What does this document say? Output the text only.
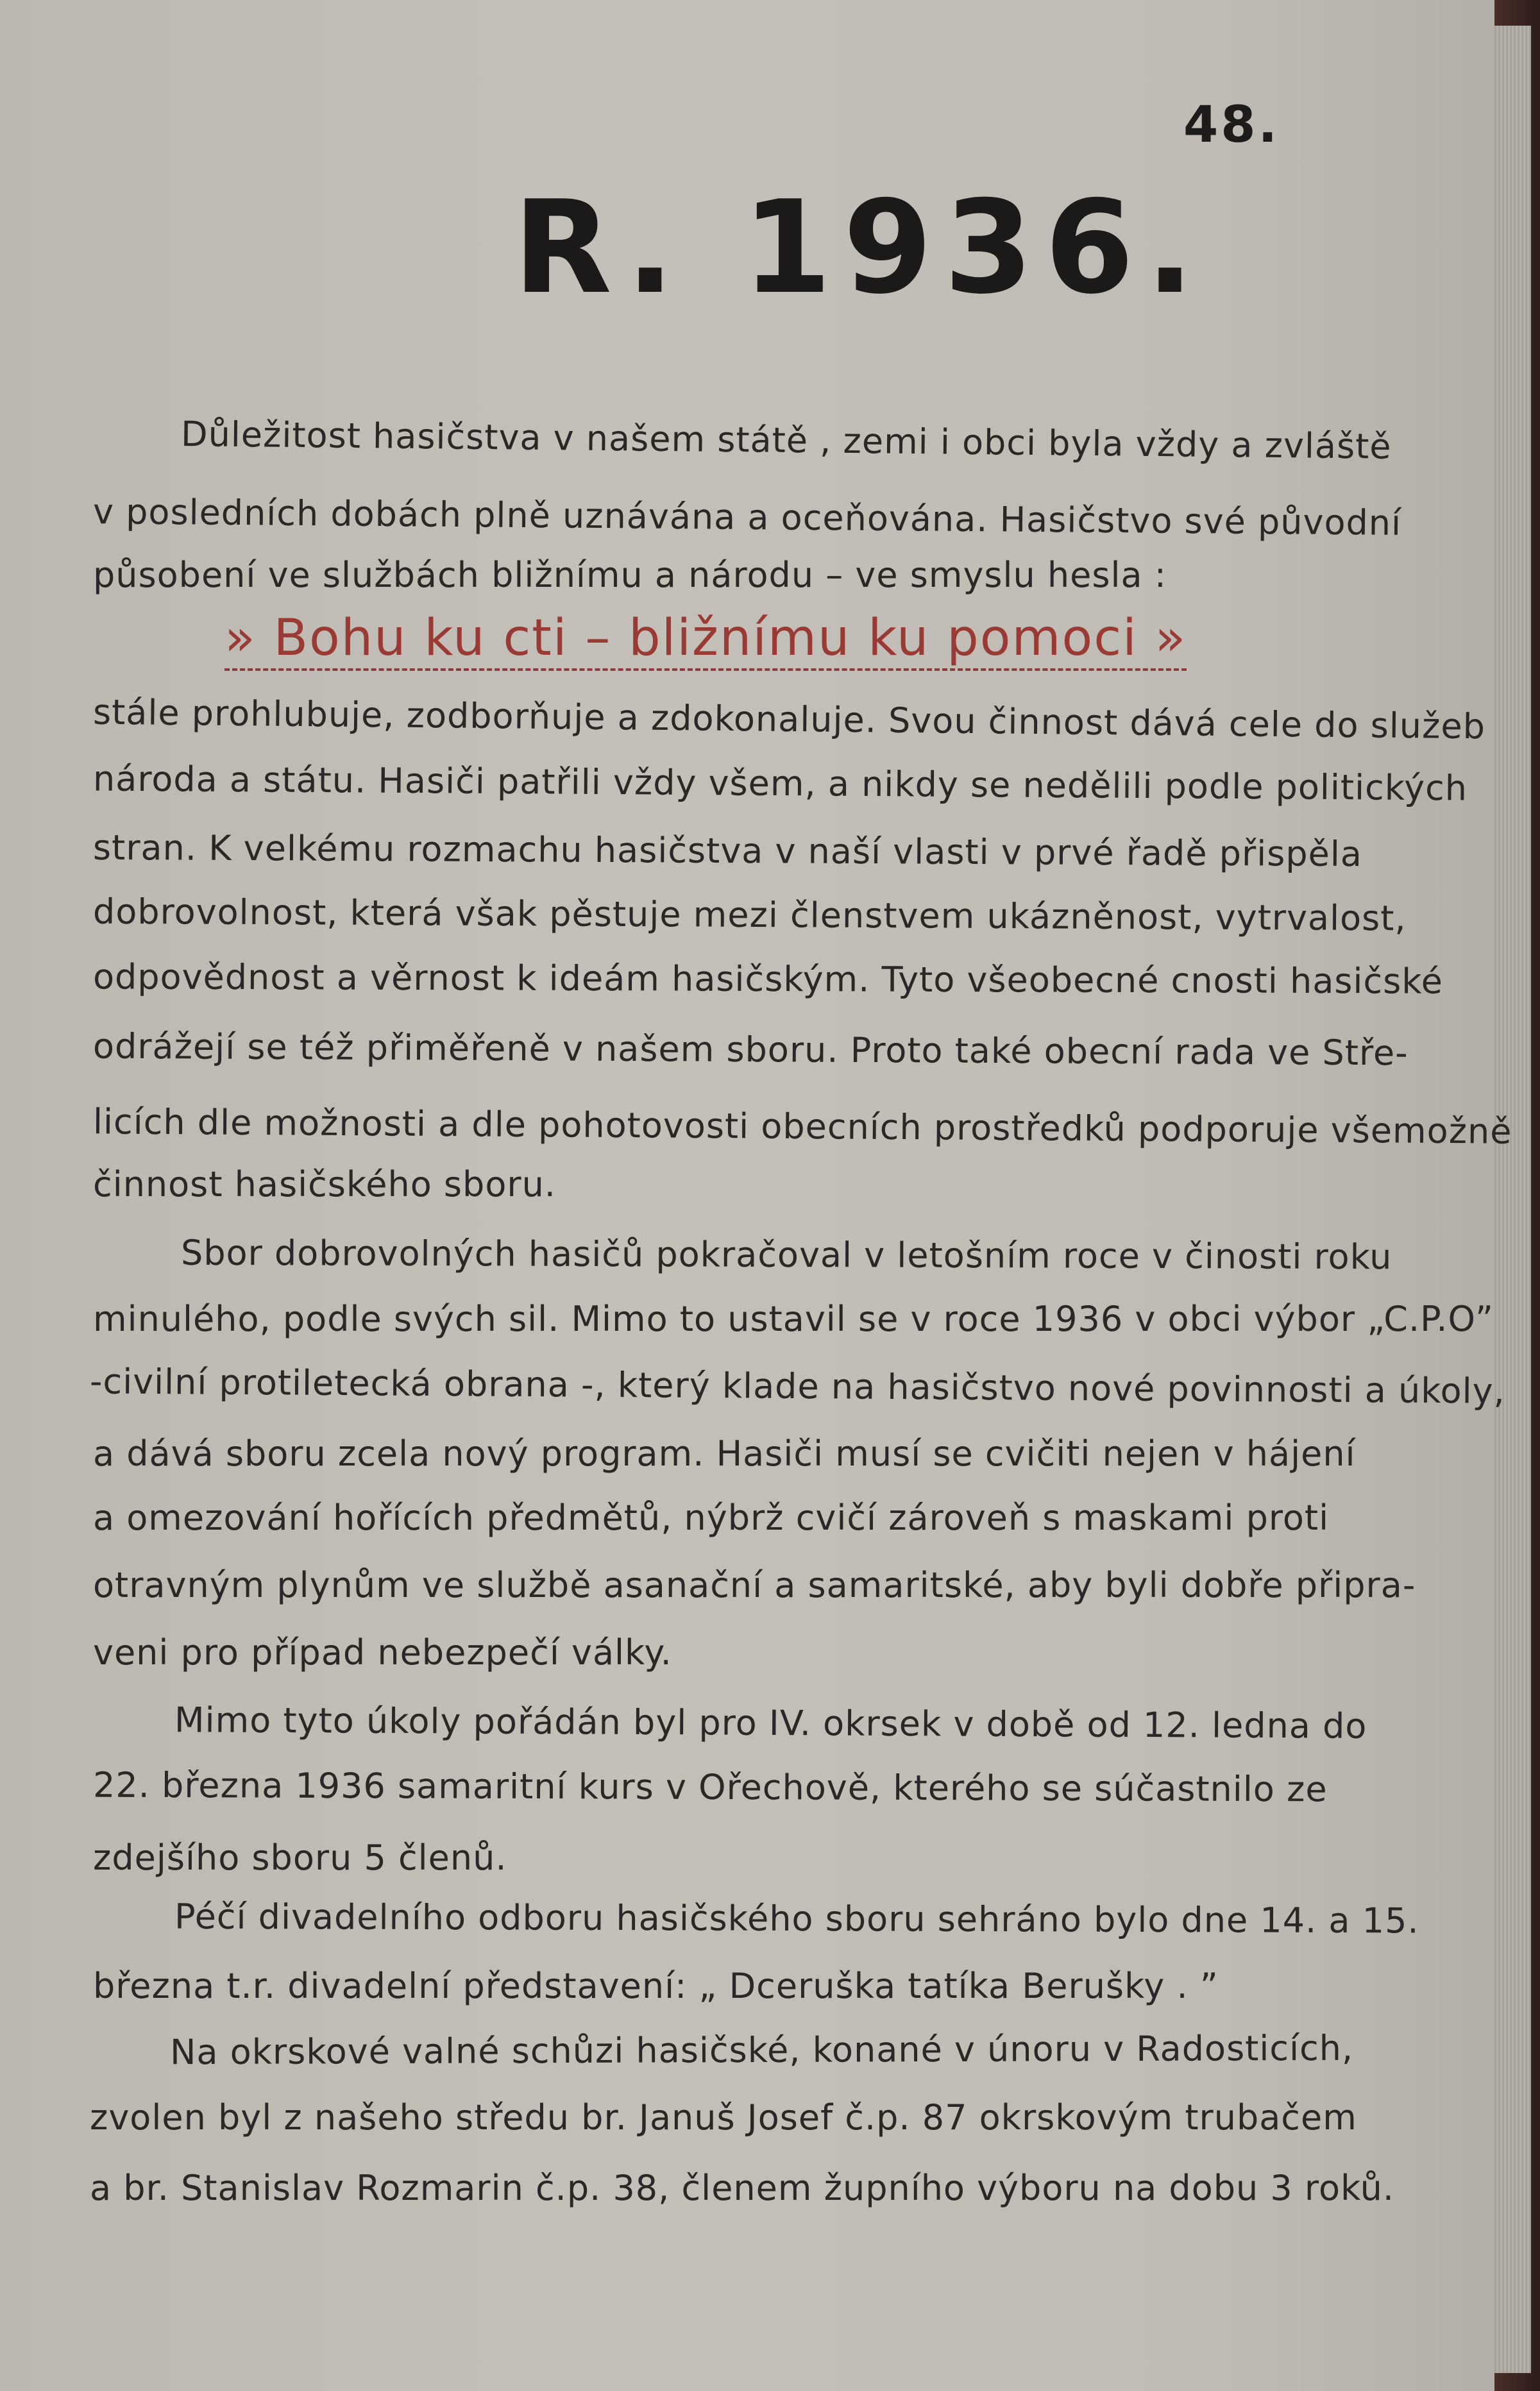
48.
R. 1936.
Důležitost hasičstva v našem státě , zemi i obci byla vždy a zvláště
v posledních dobách plně uznávána a oceňována. Hasičstvo své původní
působení ve službách bližnímu a národu – ve smyslu hesla :
» Bohu ku cti – bližnímu ku pomoci »
stále prohlubuje, zodborňuje a zdokonaluje. Svou činnost dává cele do služeb
národa a státu. Hasiči patřili vždy všem, a nikdy se nedělili podle politických
stran. K velkému rozmachu hasičstva v naší vlasti v prvé řadě přispěla
dobrovolnost, která však pěstuje mezi členstvem ukázněnost, vytrvalost,
odpovědnost a věrnost k ideám hasičským. Tyto všeobecné cnosti hasičské
odrážejí se též přiměřeně v našem sboru. Proto také obecní rada ve Stře-
licích dle možnosti a dle pohotovosti obecních prostředků podporuje všemožně
činnost hasičského sboru.
Sbor dobrovolných hasičů pokračoval v letošním roce v činosti roku
minulého, podle svých sil. Mimo to ustavil se v roce 1936 v obci výbor „C.P.O”
-civilní protiletecká obrana -, který klade na hasičstvo nové povinnosti a úkoly,
a dává sboru zcela nový program. Hasiči musí se cvičiti nejen v hájení
a omezování hořících předmětů, nýbrž cvičí zároveň s maskami proti
otravným plynům ve službě asanační a samaritské, aby byli dobře připra-
veni pro případ nebezpečí války.
Mimo tyto úkoly pořádán byl pro IV. okrsek v době od 12. ledna do
22. března 1936 samaritní kurs v Ořechově, kterého se súčastnilo ze
zdejšího sboru 5 členů.
Péčí divadelního odboru hasičského sboru sehráno bylo dne 14. a 15.
března t.r. divadelní představení: „ Dceruška tatíka Berušky . ”
Na okrskové valné schůzi hasičské, konané v únoru v Radosticích,
zvolen byl z našeho středu br. Januš Josef č.p. 87 okrskovým trubačem
a br. Stanislav Rozmarin č.p. 38, členem župního výboru na dobu 3 roků.
